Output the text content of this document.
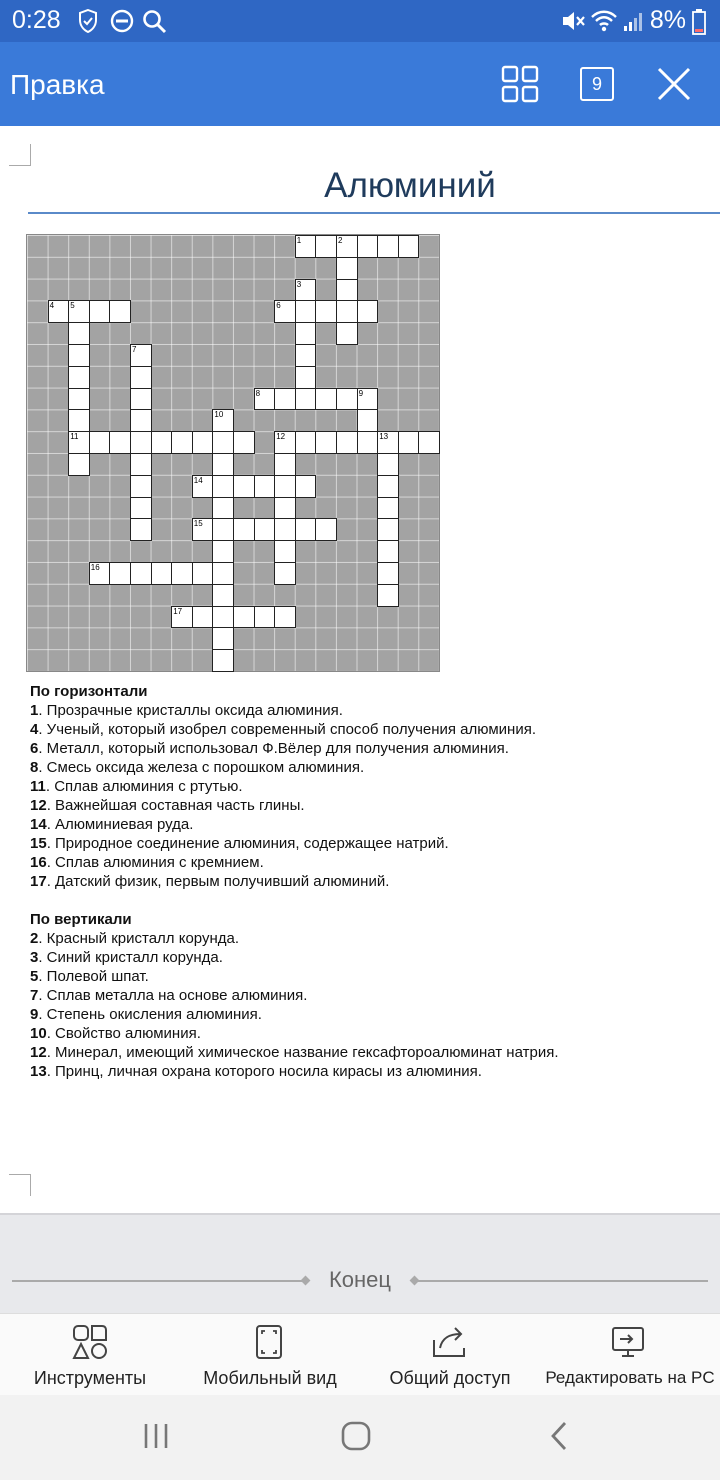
0:28	8%
Правка	9
Алюминий
1	2
3
4 5	6
7
8	9
10
11	12	13
14
15
16
17
По горизонтали
1. Прозрачные кристаллы оксида алюминия.
4. Ученый, который изобрел современный способ получения алюминия.
6. Металл, который использовал Ф.Вёлер для получения алюминия.
8. Смесь оксида железа с порошком алюминия.
11. Сплав алюминия с ртутью.
12. Важнейшая составная часть глины.
14. Алюминиевая руда.
15. Природное соединение алюминия, содержащее натрий.
16. Сплав алюминия с кремнием.
17. Датский физик, первым получивший алюминий.
По вертикали
2. Красный кристалл корунда.
3. Синий кристалл корунда.
5. Полевой шпат.
7. Сплав металла на основе алюминия.
9. Степень окисления алюминия.
10. Свойство алюминия.
12. Минерал, имеющий химическое название гексафтороалюминат натрия.
13. Принц, личная охрана которого носила кирасы из алюминия.
Конец
Инструменты	Мобильный вид	Общий доступ	Редактировать на PC
